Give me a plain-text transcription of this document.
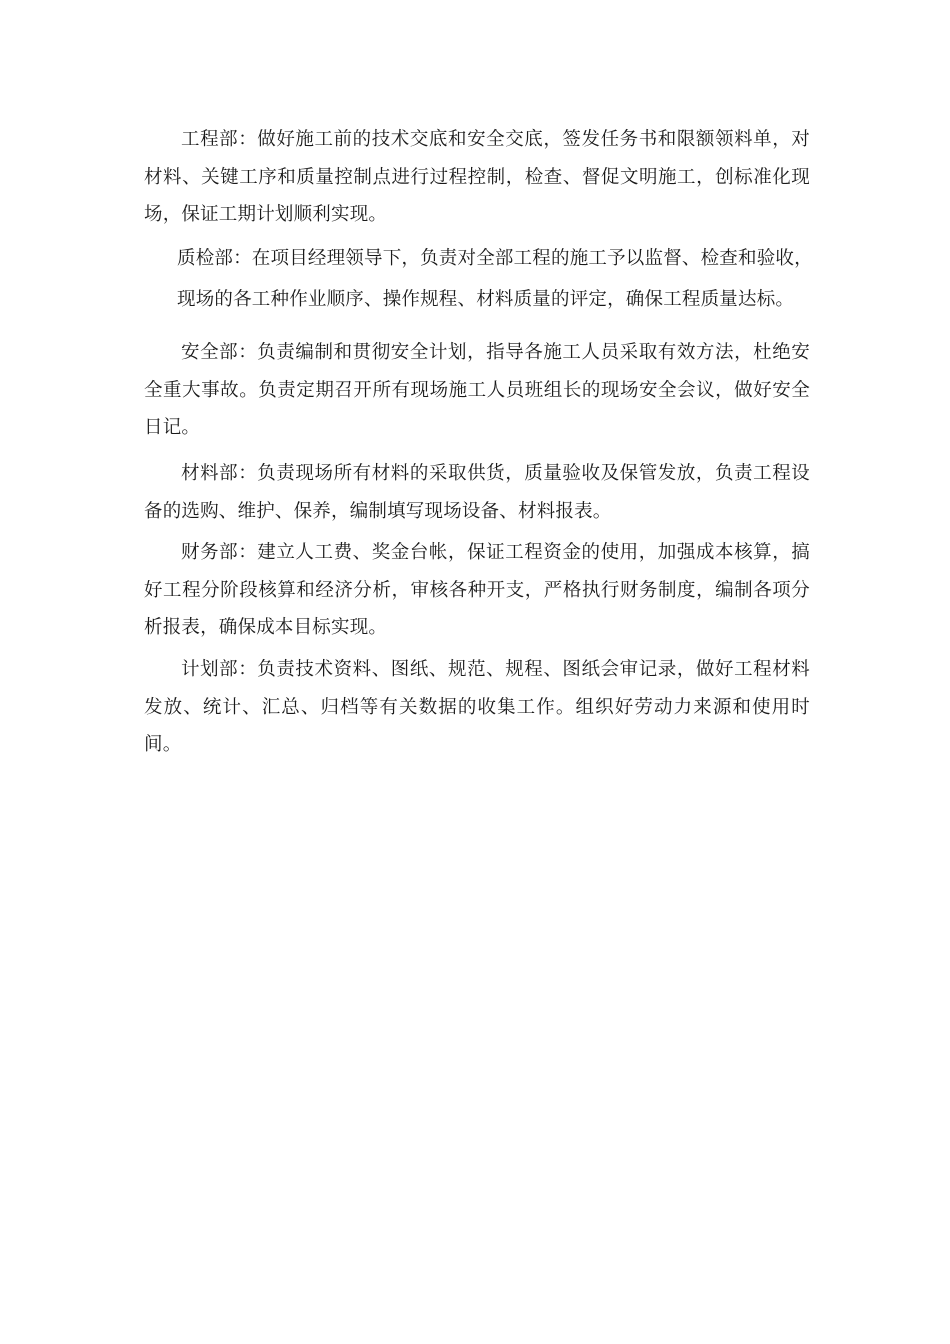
工程部：做好施工前的技术交底和安全交底，签发任务书和限额领料单，对材料、关键工序和质量控制点进行过程控制，检查、督促文明施工，创标准化现场，保证工期计划顺利实现。

质检部：在项目经理领导下，负责对全部工程的施工予以监督、检查和验收，

现场的各工种作业顺序、操作规程、材料质量的评定，确保工程质量达标。

安全部：负责编制和贯彻安全计划，指导各施工人员采取有效方法，杜绝安全重大事故。负责定期召开所有现场施工人员班组长的现场安全会议，做好安全日记。

材料部：负责现场所有材料的采取供货，质量验收及保管发放，负责工程设备的选购、维护、保养，编制填写现场设备、材料报表。

财务部：建立人工费、奖金台帐，保证工程资金的使用，加强成本核算，搞好工程分阶段核算和经济分析，审核各种开支，严格执行财务制度，编制各项分析报表，确保成本目标实现。

计划部：负责技术资料、图纸、规范、规程、图纸会审记录，做好工程材料发放、统计、汇总、归档等有关数据的收集工作。组织好劳动力来源和使用时间。
